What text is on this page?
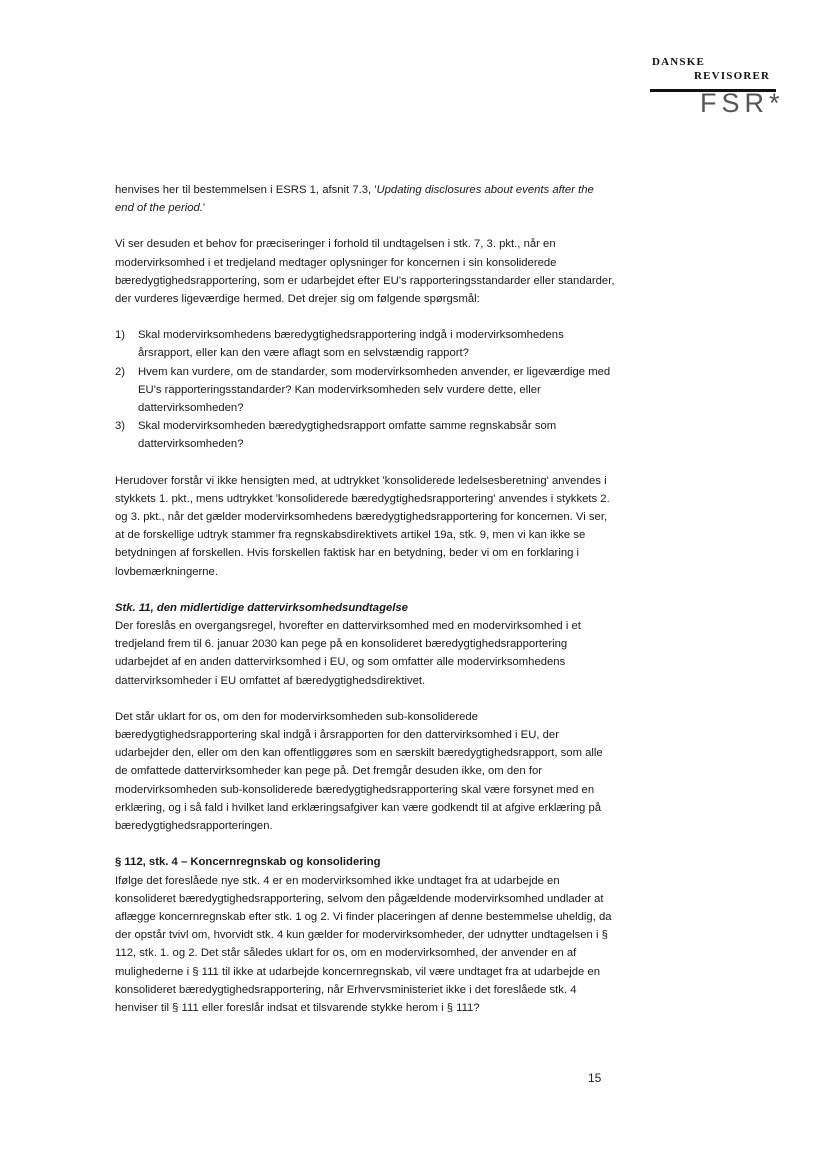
DANSKE
REVISORER
FSR*

henvises her til bestemmelsen i ESRS 1, afsnit 7.3, 'Updating disclosures about events after the end of the period.'

Vi ser desuden et behov for præciseringer i forhold til undtagelsen i stk. 7, 3. pkt., når en modervirksomhed i et tredjeland medtager oplysninger for koncernen i sin konsoliderede bæredygtighedsrapportering, som er udarbejdet efter EU's rapporteringsstandarder eller standarder, der vurderes ligeværdige hermed. Det drejer sig om følgende spørgsmål:

1) Skal modervirksomhedens bæredygtighedsrapportering indgå i modervirksomhedens årsrapport, eller kan den være aflagt som en selvstændig rapport?
2) Hvem kan vurdere, om de standarder, som modervirksomheden anvender, er ligeværdige med EU's rapporteringsstandarder? Kan modervirksomheden selv vurdere dette, eller dattervirksomheden?
3) Skal modervirksomheden bæredygtighedsrapport omfatte samme regnskabsår som dattervirksomheden?

Herudover forstår vi ikke hensigten med, at udtrykket 'konsoliderede ledelsesberetning' anvendes i stykkets 1. pkt., mens udtrykket 'konsoliderede bæredygtighedsrapportering' anvendes i stykkets 2. og 3. pkt., når det gælder modervirksomhedens bæredygtighedsrapportering for koncernen. Vi ser, at de forskellige udtryk stammer fra regnskabsdirektivets artikel 19a, stk. 9, men vi kan ikke se betydningen af forskellen. Hvis forskellen faktisk har en betydning, beder vi om en forklaring i lovbemærkningerne.

Stk. 11, den midlertidige dattervirksomhedsundtagelse

Der foreslås en overgangsregel, hvorefter en dattervirksomhed med en modervirksomhed i et tredjeland frem til 6. januar 2030 kan pege på en konsolideret bæredygtighedsrapportering udarbejdet af en anden dattervirksomhed i EU, og som omfatter alle modervirksomhedens dattervirksomheder i EU omfattet af bæredygtighedsdirektivet.

Det står uklart for os, om den for modervirksomheden sub-konsoliderede bæredygtighedsrapportering skal indgå i årsrapporten for den dattervirksomhed i EU, der udarbejder den, eller om den kan offentliggøres som en særskilt bæredygtighedsrapport, som alle de omfattede dattervirksomheder kan pege på. Det fremgår desuden ikke, om den for modervirksomheden sub-konsoliderede bæredygtighedsrapportering skal være forsynet med en erklæring, og i så fald i hvilket land erklæringsafgiver kan være godkendt til at afgive erklæring på bæredygtighedsrapporteringen.

§ 112, stk. 4 – Koncernregnskab og konsolidering

Ifølge det foreslåede nye stk. 4 er en modervirksomhed ikke undtaget fra at udarbejde en konsolideret bæredygtighedsrapportering, selvom den pågældende modervirksomhed undlader at aflægge koncernregnskab efter stk. 1 og 2. Vi finder placeringen af denne bestemmelse uheldig, da der opstår tvivl om, hvorvidt stk. 4 kun gælder for modervirksomheder, der udnytter undtagelsen i § 112, stk. 1. og 2. Det står således uklart for os, om en modervirksomhed, der anvender en af mulighederne i § 111 til ikke at udarbejde koncernregnskab, vil være undtaget fra at udarbejde en konsolideret bæredygtighedsrapportering, når Erhvervsministeriet ikke i det foreslåede stk. 4 henviser til § 111 eller foreslår indsat et tilsvarende stykke herom i § 111?

15
